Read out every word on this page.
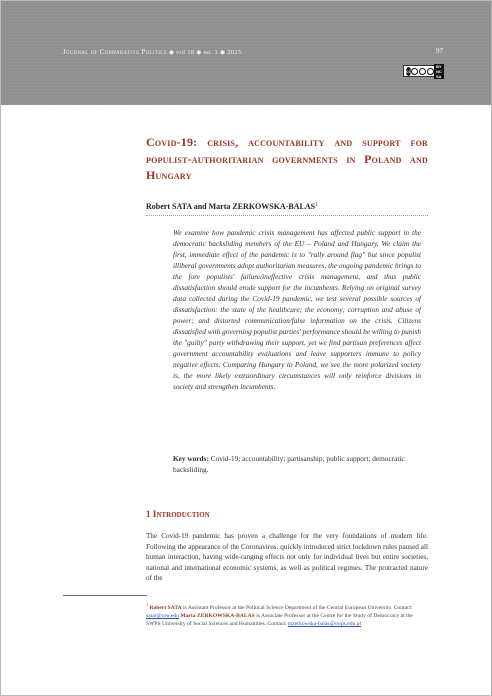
Journal of Comparative Politics ◆ vol 18 ◆ no. 1 ◆ 2025	97
cc
BY NC SA
Covid-19: crisis, accountability and support for populist-authoritarian governments in Poland and Hungary
Robert SATA and Marta ZERKOWSKA-BALAS$^1$

We examine how pandemic crisis management has affected public support in the democratic backsliding members of the EU – Poland and Hungary. We claim the first, immediate effect of the pandemic is to "rally around flag" but since populist illiberal governments adopt authoritarian measures, the ongoing pandemic brings to the fore populists' failure/ineffective crisis management, and thus public dissatisfaction should erode support for the incumbents. Relying on original survey data collected during the Covid-19 pandemic, we test several possible sources of dissatisfaction: the state of the healthcare; the economy; corruption and abuse of power; and distorted communication/false information on the crisis. Citizens dissatisfied with governing populist parties' performance should be willing to punish the "guilty" party withdrawing their support, yet we find partisan preferences affect government accountability evaluations and leave supporters immune to policy negative effects. Comparing Hungary to Poland, we see the more polarized society is, the more likely extraordinary circumstances will only reinforce divisions in society and strengthen incumbents.

Key words: Covid-19; accountability; partisanship; public support; democratic backsliding.

1 Introduction

The Covid-19 pandemic has proven a challenge for the very foundations of modern life. Following the appearance of the Coronavirus, quickly introduced strict lockdown rules paused all human interaction, having wide-ranging effects not only for individual lives but entire societies, national and international economic systems, as well as political regimes. The protracted nature of the

$^1$ Robert SATA is Assistant Professor at the Political Science Department of the Central European University. Contact: satar@ceu.edu Marta ZERKOWSKA-BALAS is Associate Professor at the Centre for the Study of Democracy at the SWPS University of Social Sciences and Humanities. Contact: mzerkowska-balas@swps.edu.pl
